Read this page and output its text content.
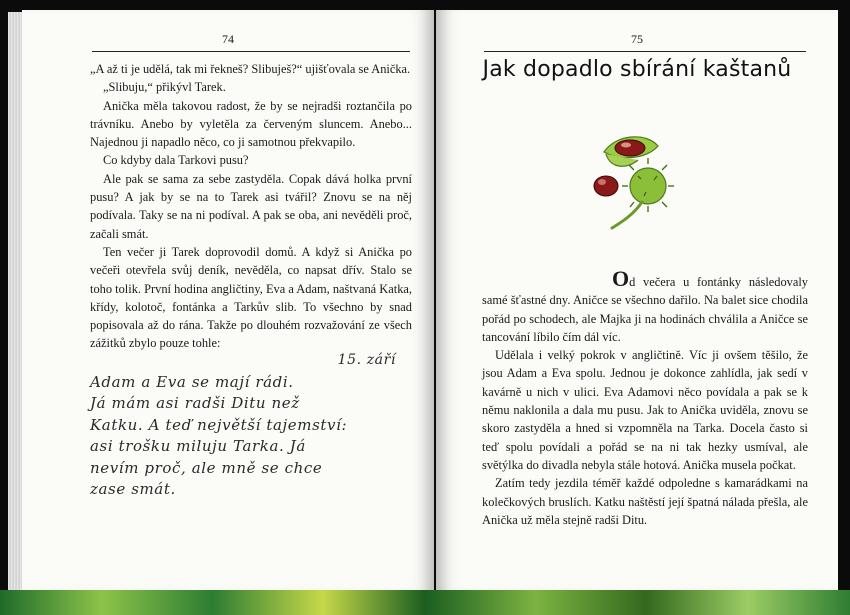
74

„A až ti je udělá, tak mi řekneš? Slibuješ?“ ujišťovala se Anička.

„Slibuju,“ přikývl Tarek.

Anička měla takovou radost, že by se nejradši roztančila po trávníku. Anebo by vyletěla za červeným sluncem. Anebo... Najednou ji napadlo něco, co ji samotnou překvapilo.

Co kdyby dala Tarkovi pusu?

Ale pak se sama za sebe zastyděla. Copak dává holka první pusu? A jak by se na to Tarek asi tvářil? Znovu se na něj podívala. Taky se na ni podíval. A pak se oba, ani nevěděli proč, začali smát.

Ten večer ji Tarek doprovodil domů. A když si Anička po večeři otevřela svůj deník, nevěděla, co napsat dřív. Stalo se toho tolik. První hodina angličtiny, Eva a Adam, naštvaná Katka, křídy, kolotoč, fontánka a Tarkův slib. To všechno by snad popisovala až do rána. Takže po dlouhém rozvažování ze všech zážitků zbylo pouze tohle:

15. září
Adam a Eva se mají rádi.
Já mám asi radši Ditu než
Katku. A teď největší tajemství:
asi trošku miluju Tarka. Já
nevím proč, ale mně se chce
zase smát.
75
Jak dopadlo sbírání kaštanů

Od večera u fontánky následovaly samé šťastné dny. Aničce se všechno dařilo. Na balet sice chodila pořád po schodech, ale Majka ji na hodinách chválila a Aničce se tancování líbilo čím dál víc.

Udělala i velký pokrok v angličtině. Víc ji ovšem těšilo, že jsou Adam a Eva spolu. Jednou je dokonce zahlídla, jak sedí v kavárně u nich v ulici. Eva Adamovi něco povídala a pak se k němu naklonila a dala mu pusu. Jak to Anička uviděla, znovu se skoro zastyděla a hned si vzpomněla na Tarka. Docela často si teď spolu povídali a pořád se na ni tak hezky usmíval, ale světýlka do divadla nebyla stále hotová. Anička musela počkat.

Zatím tedy jezdila téměř každé odpoledne s kamarádkami na kolečkových bruslích. Katku naštěstí její špatná nálada přešla, ale Anička už měla stejně radši Ditu.
